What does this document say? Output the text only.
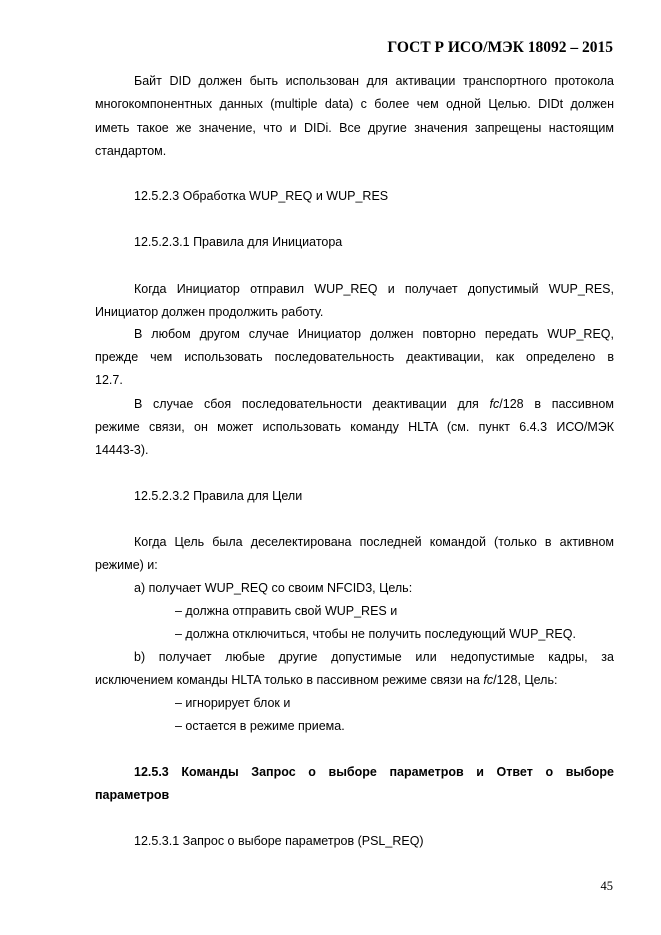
ГОСТ Р ИСО/МЭК 18092 – 2015
Байт DID должен быть использован для активации транспортного протокола
многокомпонентных данных (multiple data) с более чем одной Целью. DIDt должен
иметь такое же значение, что и DIDi. Все другие значения запрещены настоящим
стандартом.
12.5.2.3 Обработка WUP_REQ и WUP_RES
12.5.2.3.1 Правила для Инициатора
Когда Инициатор отправил WUP_REQ и получает допустимый WUP_RES,
Инициатор должен продолжить работу.
В любом другом случае Инициатор должен повторно передать WUP_REQ,
прежде чем использовать последовательность деактивации, как определено в
12.7.
В случае сбоя последовательности деактивации для fc/128 в пассивном
режиме связи, он может использовать команду HLTA (см. пункт 6.4.3 ИСО/МЭК
14443-3).
12.5.2.3.2 Правила для Цели
Когда Цель была деселектирована последней командой (только в активном
режиме) и:
а) получает WUP_REQ со своим NFCID3, Цель:
– должна отправить свой WUP_RES и
– должна отключиться, чтобы не получить последующий WUP_REQ.
b) получает любые другие допустимые или недопустимые кадры, за
исключением команды HLTA только в пассивном режиме связи на fc/128, Цель:
– игнорирует блок и
– остается в режиме приема.
12.5.3 Команды Запрос о выборе параметров и Ответ о выборе
параметров
12.5.3.1 Запрос о выборе параметров (PSL_REQ)
45
